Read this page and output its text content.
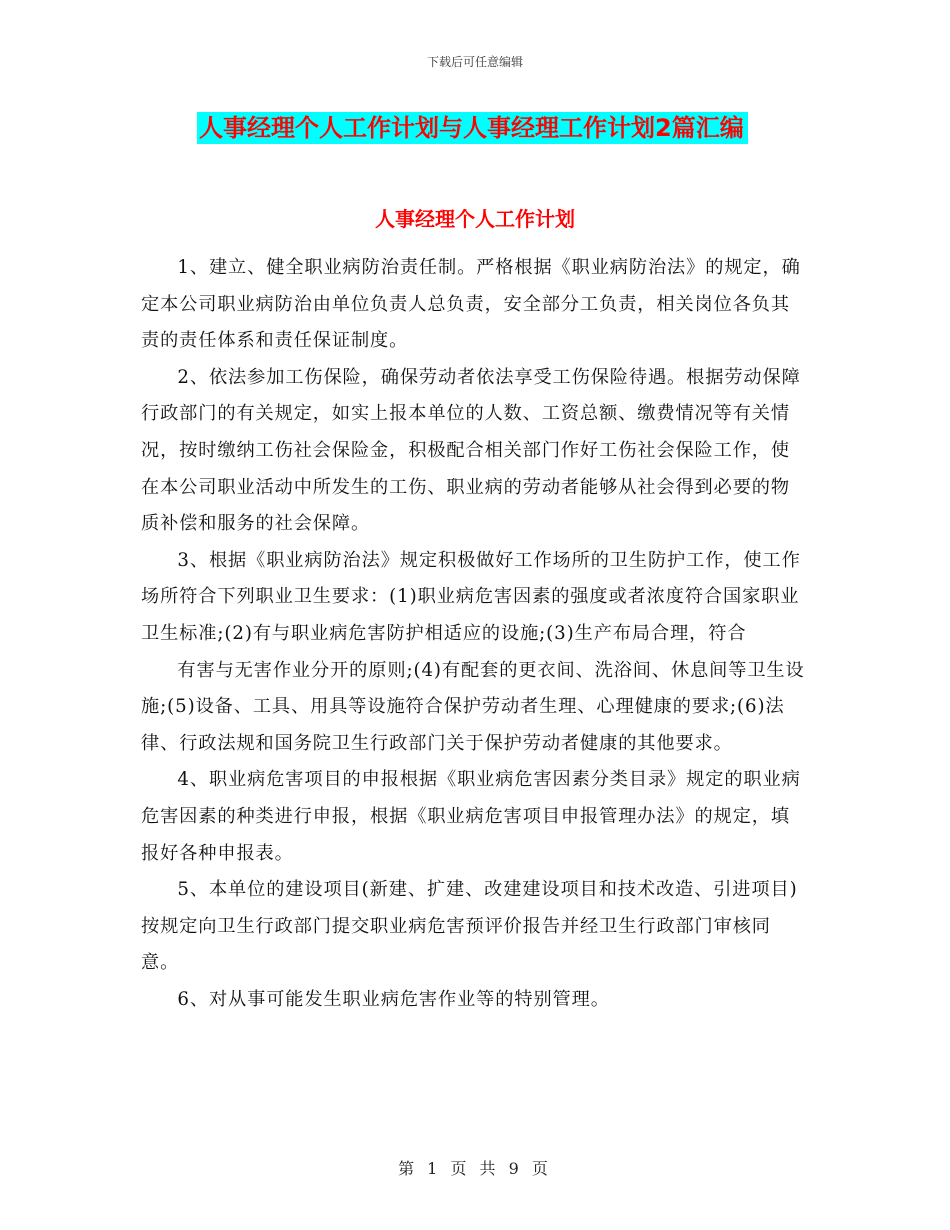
下载后可任意编辑
人事经理个人工作计划与人事经理工作计划2篇汇编
人事经理个人工作计划

1、建立、健全职业病防治责任制。严格根据《职业病防治法》的规定，确定本公司职业病防治由单位负责人总负责，安全部分工负责，相关岗位各负其责的责任体系和责任保证制度。

2、依法参加工伤保险，确保劳动者依法享受工伤保险待遇。根据劳动保障行政部门的有关规定，如实上报本单位的人数、工资总额、缴费情况等有关情况，按时缴纳工伤社会保险金，积极配合相关部门作好工伤社会保险工作，使在本公司职业活动中所发生的工伤、职业病的劳动者能够从社会得到必要的物质补偿和服务的社会保障。

3、根据《职业病防治法》规定积极做好工作场所的卫生防护工作，使工作场所符合下列职业卫生要求：(1)职业病危害因素的强度或者浓度符合国家职业卫生标准;(2)有与职业病危害防护相适应的设施;(3)生产布局合理，符合

有害与无害作业分开的原则;(4)有配套的更衣间、洗浴间、休息间等卫生设施;(5)设备、工具、用具等设施符合保护劳动者生理、心理健康的要求;(6)法律、行政法规和国务院卫生行政部门关于保护劳动者健康的其他要求。

4、职业病危害项目的申报根据《职业病危害因素分类目录》规定的职业病危害因素的种类进行申报，根据《职业病危害项目申报管理办法》的规定，填报好各种申报表。

5、本单位的建设项目(新建、扩建、改建建设项目和技术改造、引进项目)按规定向卫生行政部门提交职业病危害预评价报告并经卫生行政部门审核同意。

6、对从事可能发生职业病危害作业等的特别管理。

第 1 页 共 9 页
